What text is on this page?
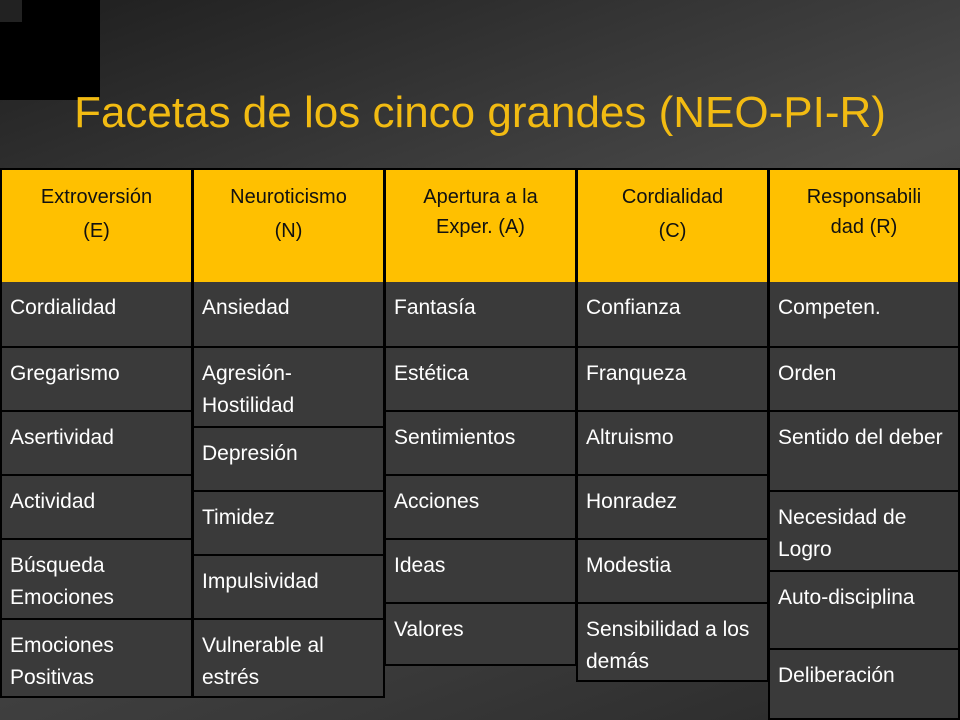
Facetas de los cinco grandes (NEO-PI-R)
Extroversión
(E)
Cordialidad
Gregarismo
Asertividad
Actividad
Búsqueda Emociones
Emociones Positivas
Neuroticismo
(N)
Ansiedad
Agresión-Hostilidad
Depresión
Timidez
Impulsividad
Vulnerable al estrés
Apertura a la
Exper. (A)
Fantasía
Estética
Sentimientos
Acciones
Ideas
Valores
Cordialidad
(C)
Confianza
Franqueza
Altruismo
Honradez
Modestia
Sensibilidad a los demás
Responsabili
dad (R)
Competen.
Orden
Sentido del deber
Necesidad de Logro
Auto-disciplina
Deliberación
